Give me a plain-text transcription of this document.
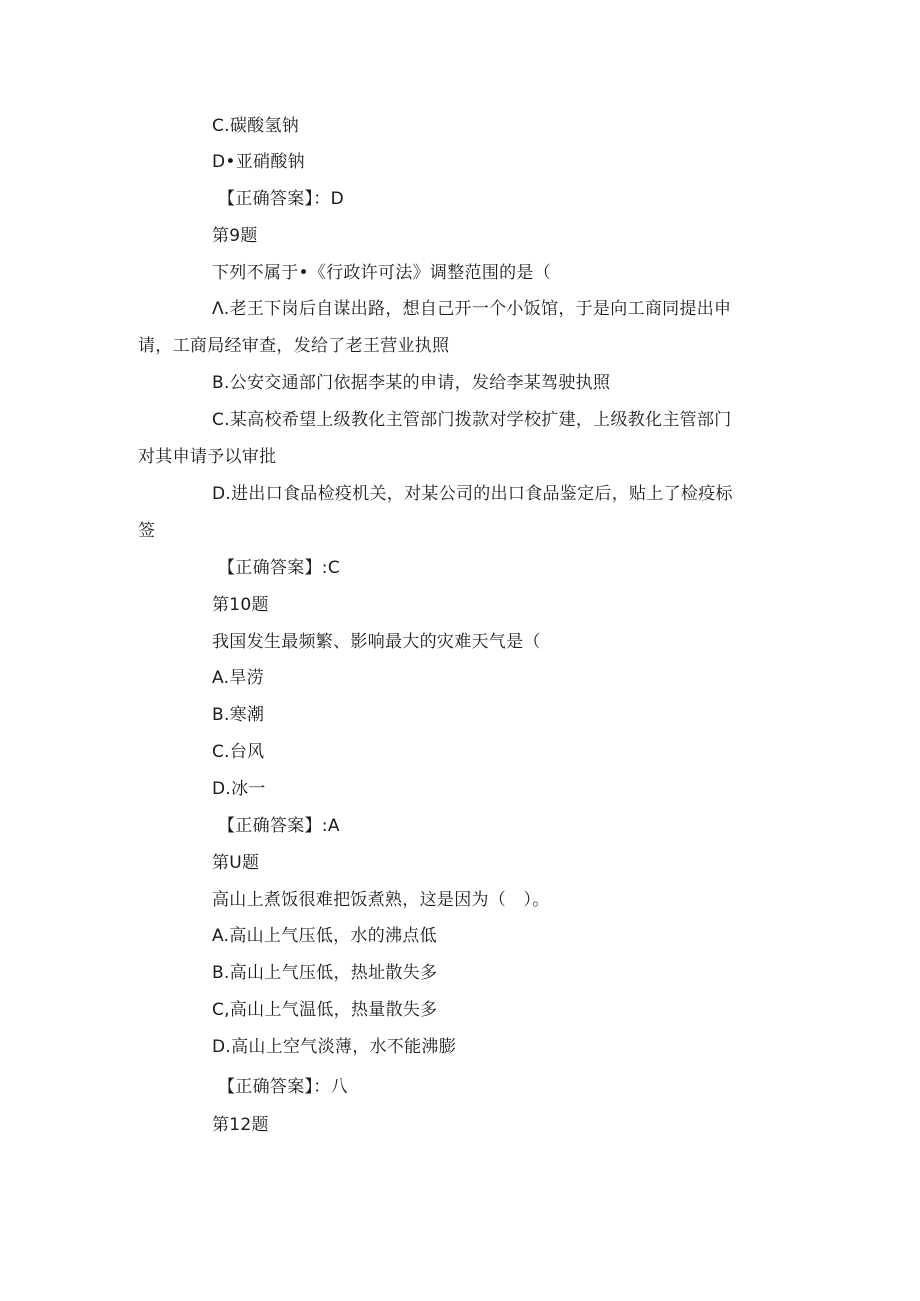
C.碳酸氢钠
D•亚硝酸钠
【正确答案】：D
第9题
下列不属于•《行政许可法》调整范围的是（
Λ.老王下岗后自谋出路，想自己开一个小饭馆，于是向工商同提出申
请，工商局经审查，发给了老王营业执照
B.公安交通部门依据李某的申请，发给李某驾驶执照
C.某高校希望上级教化主管部门拨款对学校扩建，上级教化主管部门
对其申请予以审批
D.进出口食品检疫机关，对某公司的出口食品鉴定后，贴上了检疫标
签
【正确答案】:C
第10题
我国发生最频繁、影响最大的灾难天气是（
A.旱涝
B.寒潮
C.台风
D.冰一
【正确答案】:A
第U题
高山上煮饭很难把饭煮熟，这是因为（　）。
A.高山上气压低，水的沸点低
B.高山上气压低，热址散失多
C,高山上气温低，热量散失多
D.高山上空气淡薄，水不能沸膨
【正确答案】：八
第12题
